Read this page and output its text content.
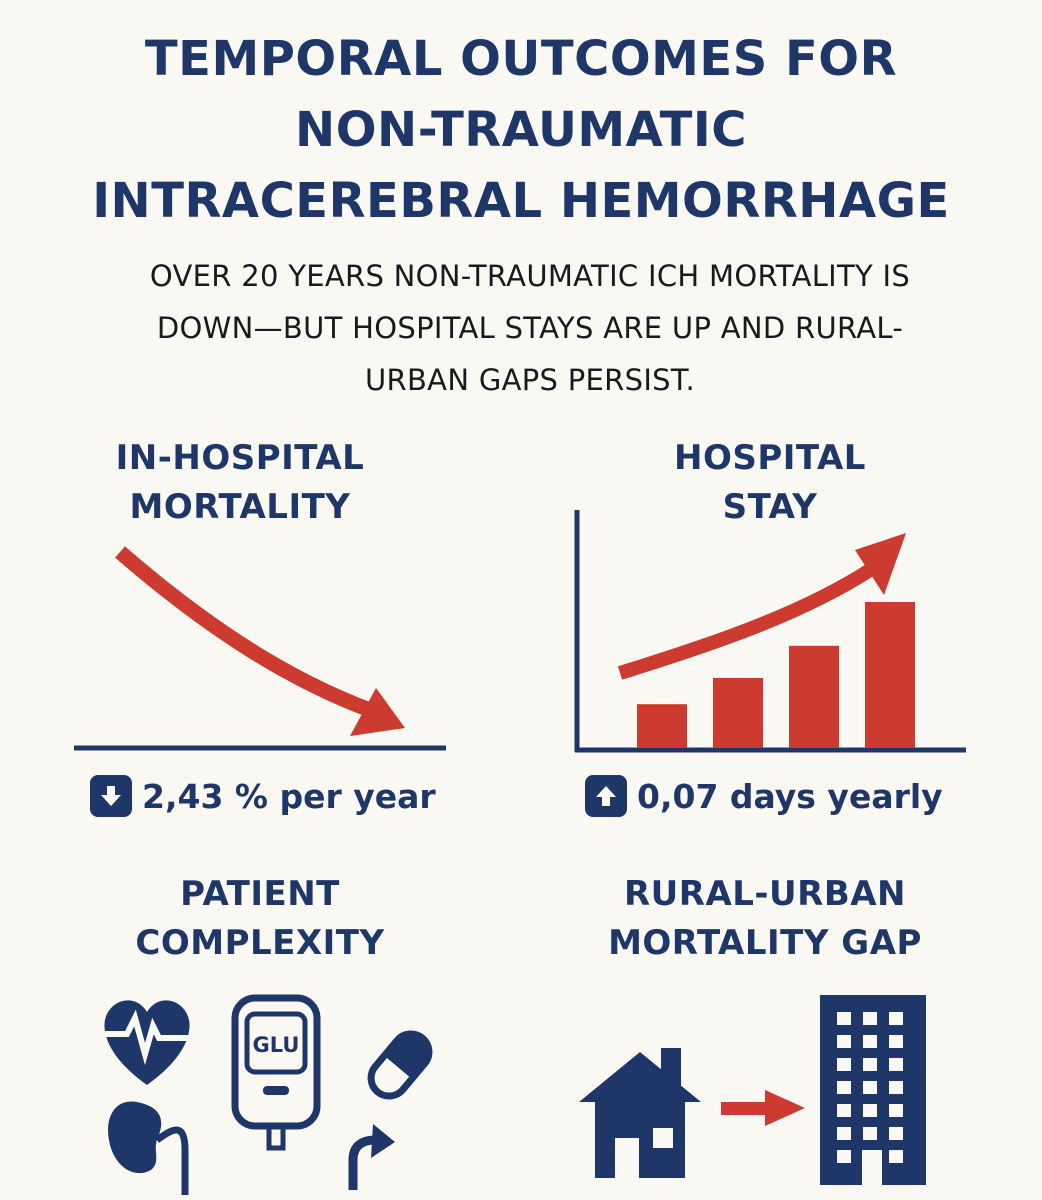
TEMPORAL OUTCOMES FOR
NON-TRAUMATIC
INTRACEREBRAL HEMORRHAGE

OVER 20 YEARS NON-TRAUMATIC ICH MORTALITY IS
DOWN—BUT HOSPITAL STAYS ARE UP AND RURAL-
URBAN GAPS PERSIST.

IN-HOSPITAL
MORTALITY
2,43 % per year
HOSPITAL
STAY
0,07 days yearly
PATIENT
COMPLEXITY
GLU
RURAL-URBAN
MORTALITY GAP
